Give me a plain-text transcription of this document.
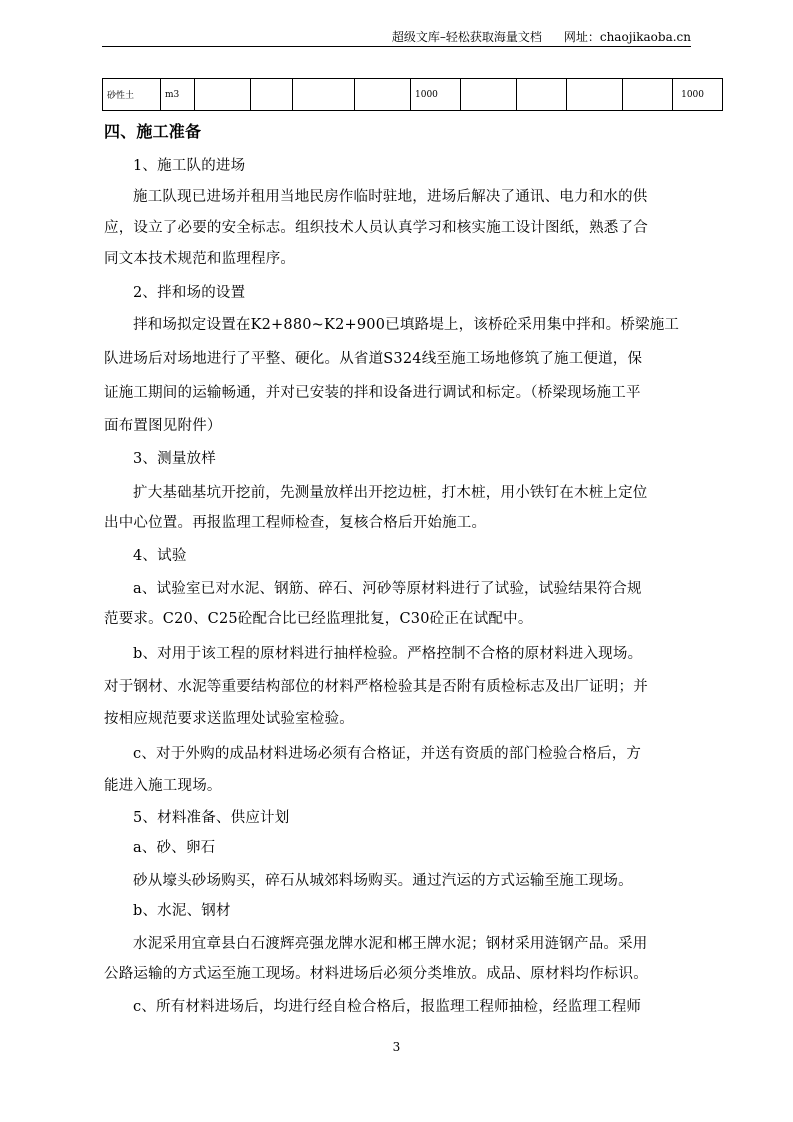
超级文库–轻松获取海量文档 网址：chaojikaoba.cn
砂性土	m3					1000					1000
四、施工准备
1、施工队的进场
施工队现已进场并租用当地民房作临时驻地，进场后解决了通讯、电力和水的供
应，设立了必要的安全标志。组织技术人员认真学习和核实施工设计图纸，熟悉了合
同文本技术规范和监理程序。
2、拌和场的设置
拌和场拟定设置在K2+880~K2+900已填路堤上，该桥砼采用集中拌和。桥梁施工
队进场后对场地进行了平整、硬化。从省道S324线至施工场地修筑了施工便道，保
证施工期间的运输畅通，并对已安装的拌和设备进行调试和标定。（桥梁现场施工平
面布置图见附件）
3、测量放样
扩大基础基坑开挖前，先测量放样出开挖边桩，打木桩，用小铁钉在木桩上定位
出中心位置。再报监理工程师检查，复核合格后开始施工。
4、试验
a、试验室已对水泥、钢筋、碎石、河砂等原材料进行了试验，试验结果符合规
范要求。C20、C25砼配合比已经监理批复，C30砼正在试配中。
b、对用于该工程的原材料进行抽样检验。严格控制不合格的原材料进入现场。
对于钢材、水泥等重要结构部位的材料严格检验其是否附有质检标志及出厂证明；并
按相应规范要求送监理处试验室检验。
c、对于外购的成品材料进场必须有合格证，并送有资质的部门检验合格后，方
能进入施工现场。
5、材料准备、供应计划
a、砂、卵石
砂从壕头砂场购买，碎石从城郊料场购买。通过汽运的方式运输至施工现场。
b、水泥、钢材
水泥采用宜章县白石渡辉亮强龙牌水泥和郴王牌水泥；钢材采用涟钢产品。采用
公路运输的方式运至施工现场。材料进场后必须分类堆放。成品、原材料均作标识。
c、所有材料进场后，均进行经自检合格后，报监理工程师抽检，经监理工程师
3
